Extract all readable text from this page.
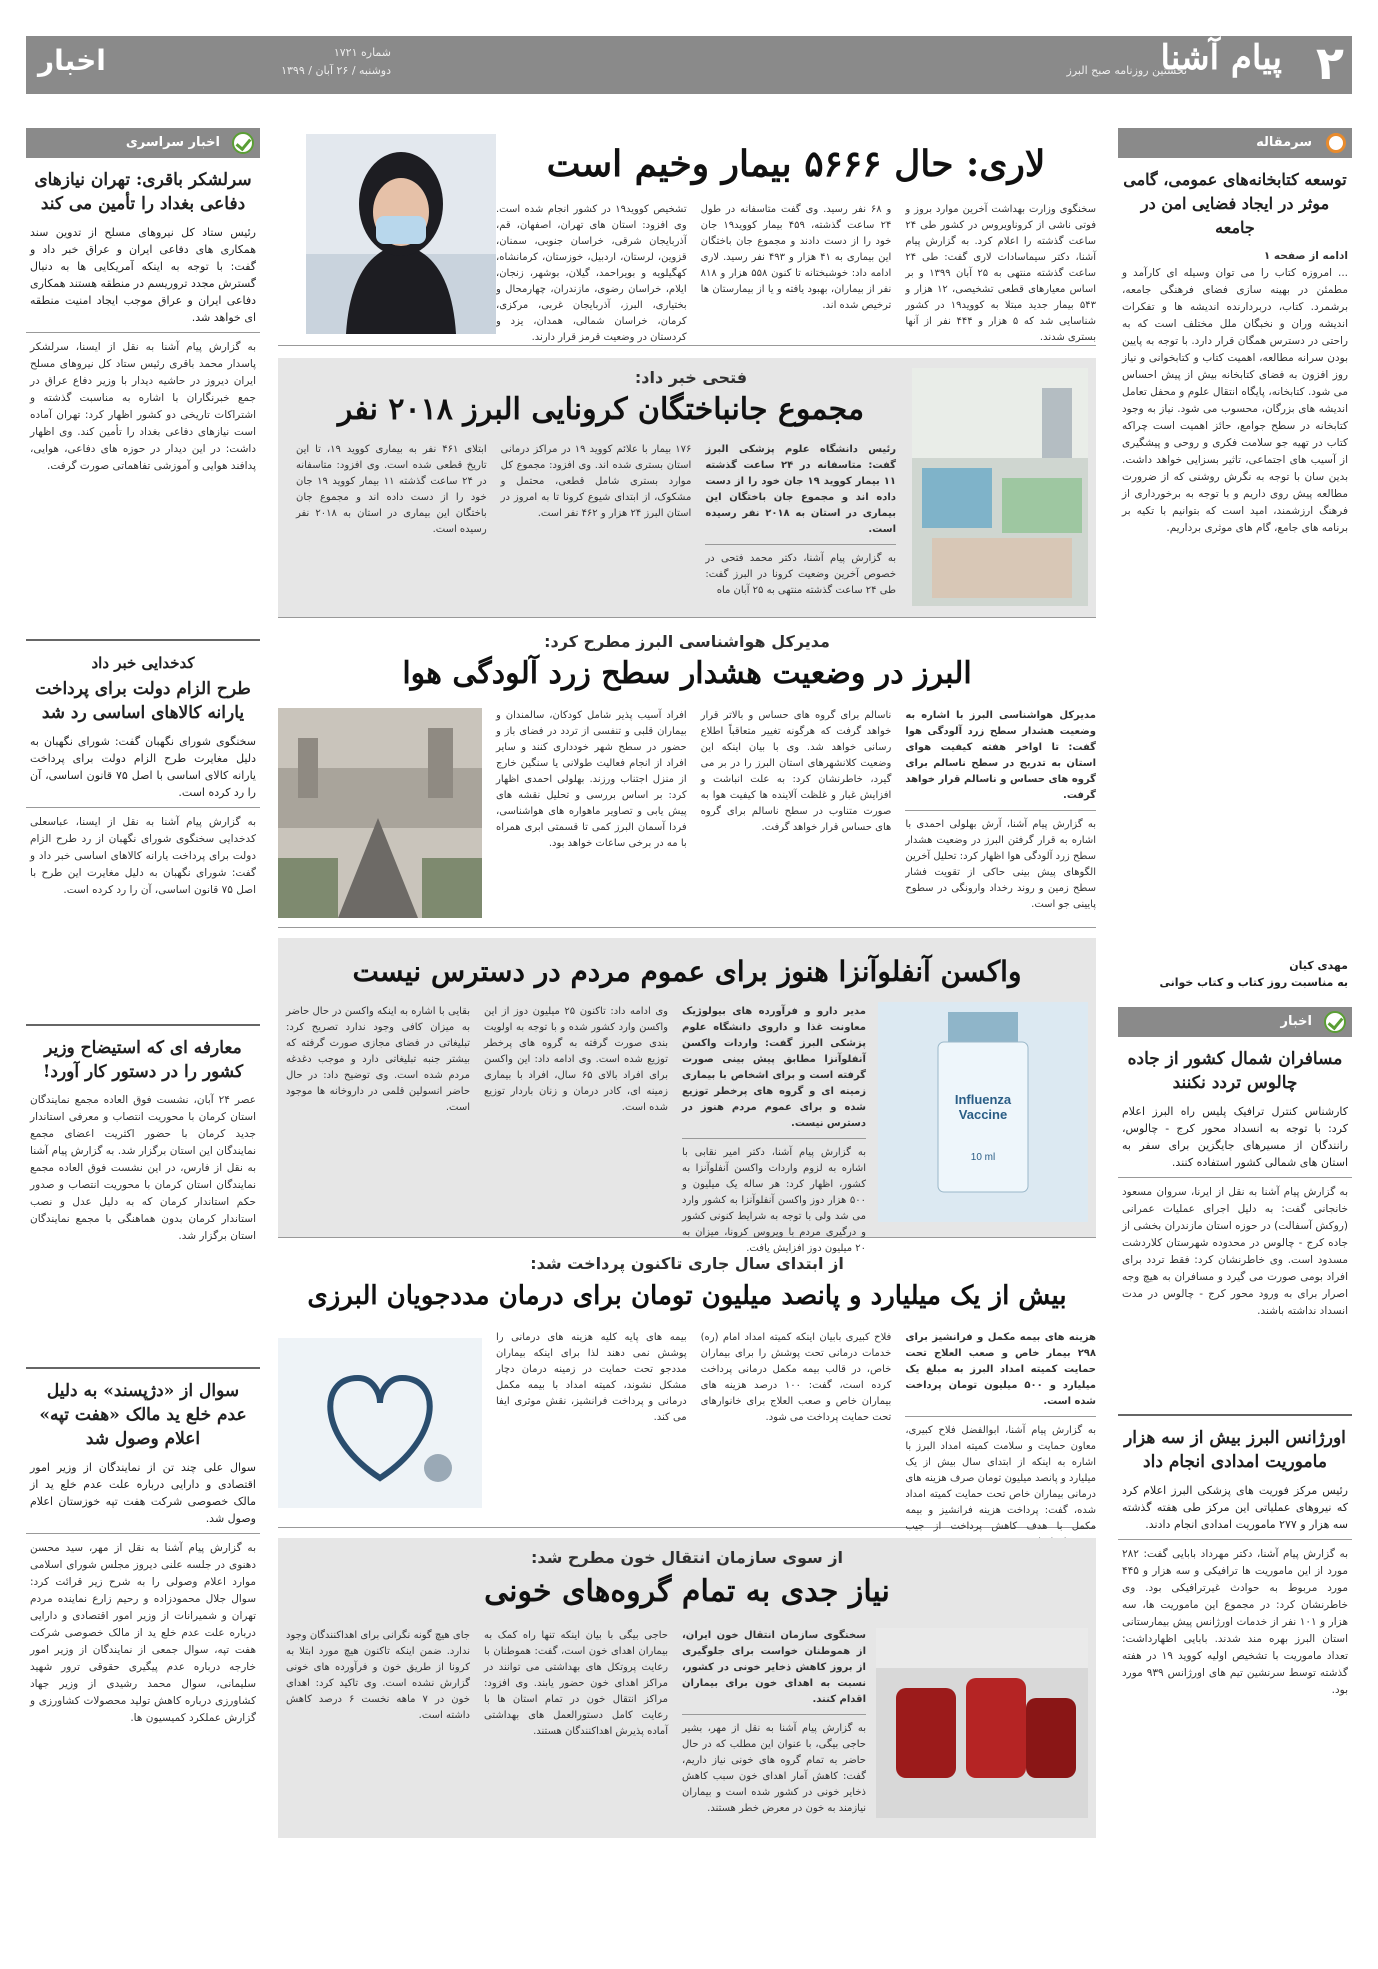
اخبار	شماره ۱۷۲۱
دوشنبه / ۲۶ آبان / ۱۳۹۹	نخستین روزنامه صبح البرز
پیام آشنا ۲
سرمقاله
توسعه کتابخانه‌های عمومی، گامی موثر در ایجاد فضایی امن در جامعه
ادامه از صفحه ۱
... امروزه کتاب را می توان وسیله ای کارآمد و مطمئن در بهینه سازی فضای فرهنگی جامعه، برشمرد. کتاب، دربردارنده اندیشه ها و تفکرات اندیشه وران و نخبگان ملل مختلف است که به راحتی در دسترس همگان قرار دارد. با توجه به پایین بودن سرانه مطالعه، اهمیت کتاب و کتابخوانی و نیاز روز افزون به فضای کتابخانه بیش از پیش احساس می شود. کتابخانه، پایگاه انتقال علوم و محفل تعامل اندیشه های بزرگان، محسوب می شود. نیاز به وجود کتابخانه در سطح جوامع، حائز اهمیت است چراکه کتاب در تهیه جو سلامت فکری و روحی و پیشگیری از آسیب های اجتماعی، تاثیر بسزایی خواهد داشت. بدین سان با توجه به نگرش روشنی که از ضرورت مطالعه پیش روی داریم و با توجه به برخورداری از فرهنگ ارزشمند، امید است که بتوانیم با تکیه بر برنامه های جامع، گام های موثری برداریم.
مهدی کیان
به مناسبت روز کتاب و کتاب خوانی
اخبار
مسافران شمال کشور از جاده چالوس تردد نکنند
کارشناس کنترل ترافیک پلیس راه البرز اعلام کرد: با توجه به انسداد محور کرج - چالوس، رانندگان از مسیرهای جایگزین برای سفر به استان های شمالی کشور استفاده کنند.
به گزارش پیام آشنا به نقل از ایرنا، سروان مسعود خانجانی گفت: به دلیل اجرای عملیات عمرانی (روکش آسفالت) در حوزه استان مازندران بخشی از جاده کرج - چالوس در محدوده شهرستان کلاردشت مسدود است. وی خاطرنشان کرد: فقط تردد برای افراد بومی صورت می گیرد و مسافران به هیچ وجه اصرار برای به ورود محور کرج - چالوس در مدت انسداد نداشته باشند.
اورژانس البرز بیش از سه هزار ماموریت امدادی انجام داد
رئیس مرکز فوریت های پزشکی البرز اعلام کرد که نیروهای عملیاتی این مرکز طی هفته گذشته سه هزار و ۲۷۷ ماموریت امدادی انجام دادند.
به گزارش پیام آشنا، دکتر مهرداد بابایی گفت: ۲۸۲ مورد از این ماموریت ها ترافیکی و سه هزار و ۴۴۵ مورد مربوط به حوادث غیرترافیکی بود. وی خاطرنشان کرد: در مجموع این ماموریت ها، سه هزار و ۱۰۱ نفر از خدمات اورژانس پیش بیمارستانی استان البرز بهره مند شدند. بابایی اظهارداشت: تعداد ماموریت با تشخیص اولیه کووید ۱۹ در هفته گذشته توسط سرنشین تیم های اورژانس ۹۳۹ مورد بود.
اخبار سراسری
سرلشکر باقری: تهران نیازهای دفاعی بغداد را تأمین می کند
رئیس ستاد کل نیروهای مسلح از تدوین سند همکاری های دفاعی ایران و عراق خبر داد و گفت: با توجه به اینکه آمریکایی ها به دنبال گسترش مجدد تروریسم در منطقه هستند همکاری دفاعی ایران و عراق موجب ایجاد امنیت منطقه ای خواهد شد.
به گزارش پیام آشنا به نقل از ایسنا، سرلشکر پاسدار محمد باقری رئیس ستاد کل نیروهای مسلح ایران دیروز در حاشیه دیدار با وزیر دفاع عراق در جمع خبرنگاران با اشاره به مناسبت گذشته و اشتراکات تاریخی دو کشور اظهار کرد: تهران آماده است نیازهای دفاعی بغداد را تأمین کند. وی اظهار داشت: در این دیدار در حوزه های دفاعی، هوایی، پدافند هوایی و آموزشی تفاهماتی صورت گرفت.
کدخدایی خبر داد
طرح الزام دولت برای پرداخت یارانه کالاهای اساسی رد شد
سخنگوی شورای نگهبان گفت: شورای نگهبان به دلیل مغایرت طرح الزام دولت برای پرداخت یارانه کالای اساسی با اصل ۷۵ قانون اساسی، آن را رد کرده است.
به گزارش پیام آشنا به نقل از ایسنا، عباسعلی کدخدایی سخنگوی شورای نگهبان از رد طرح الزام دولت برای پرداخت یارانه کالاهای اساسی خبر داد و گفت: شورای نگهبان به دلیل مغایرت این طرح با اصل ۷۵ قانون اساسی، آن را رد کرده است.
معارفه ای که استیضاح وزیر کشور را در دستور کار آورد!
عصر ۲۴ آبان، نشست فوق العاده مجمع نمایندگان استان کرمان با محوریت انتصاب و معرفی استاندار جدید کرمان با حضور اکثریت اعضای مجمع نمایندگان این استان برگزار شد. به گزارش پیام آشنا به نقل از فارس، در این نشست فوق العاده مجمع نمایندگان استان کرمان با محوریت انتصاب و صدور حکم استاندار کرمان که به دلیل عدل و نصب استاندار کرمان بدون هماهنگی با مجمع نمایندگان استان برگزار شد.
سوال از «دژپسند» به دلیل عدم خلع ید مالک «هفت تپه» اعلام وصول شد
سوال علی چند تن از نمایندگان از وزیر امور اقتصادی و دارایی درباره علت عدم خلع ید از مالک خصوصی شرکت هفت تپه خوزستان اعلام وصول شد.
به گزارش پیام آشنا به نقل از مهر، سید محسن دهنوی در جلسه علنی دیروز مجلس شورای اسلامی موارد اعلام وصولی را به شرح زیر قرائت کرد: سوال جلال محمودزاده و رحیم زارع نماینده مردم تهران و شمیرانات از وزیر امور اقتصادی و دارایی درباره علت عدم خلع ید از مالک خصوصی شرکت هفت تپه، سوال جمعی از نمایندگان از وزیر امور خارجه درباره عدم پیگیری حقوقی ترور شهید سلیمانی، سوال محمد رشیدی از وزیر جهاد کشاورزی درباره کاهش تولید محصولات کشاورزی و گزارش عملکرد کمیسیون ها.
لاری: حال ۵۶۶۶ بیمار وخیم است
سخنگوی وزارت بهداشت آخرین موارد بروز و فوتی ناشی از کروناویروس در کشور طی ۲۴ ساعت گذشته را اعلام کرد. به گزارش پیام آشنا، دکتر سیماسادات لاری گفت: طی ۲۴ ساعت گذشته منتهی به ۲۵ آبان ۱۳۹۹ و بر اساس معیارهای قطعی تشخیصی، ۱۲ هزار و ۵۴۳ بیمار جدید مبتلا به کووید۱۹ در کشور شناسایی شد که ۵ هزار و ۴۴۴ نفر از آنها بستری شدند.
و ۶۸ نفر رسید. وی گفت متاسفانه در طول ۲۴ ساعت گذشته، ۴۵۹ بیمار کووید۱۹ جان خود را از دست دادند و مجموع جان باختگان این بیماری به ۴۱ هزار و ۴۹۳ نفر رسید. لاری ادامه داد: خوشبختانه تا کنون ۵۵۸ هزار و ۸۱۸ نفر از بیماران، بهبود یافته و یا از بیمارستان ها ترخیص شده اند.
تشخیص کووید۱۹ در کشور انجام شده است. وی افزود: استان های تهران، اصفهان، قم، آذربایجان شرقی، خراسان جنوبی، سمنان، قزوین، لرستان، اردبیل، خوزستان، کرمانشاه، کهگیلویه و بویراحمد، گیلان، بوشهر، زنجان، ایلام، خراسان رضوی، مازندران، چهارمحال و بختیاری، البرز، آذربایجان غربی، مرکزی، کرمان، خراسان شمالی، همدان، یزد و کردستان در وضعیت قرمز قرار دارند.
فتحی خبر داد:
مجموع جانباختگان کرونایی البرز ۲۰۱۸ نفر
رئیس دانشگاه علوم پزشکی البرز گفت: متاسفانه در ۲۴ ساعت گذشته ۱۱ بیمار کووید ۱۹ جان خود را از دست داده اند و مجموع جان باختگان این بیماری در استان به ۲۰۱۸ نفر رسیده است.
به گزارش پیام آشنا، دکتر محمد فتحی در خصوص آخرین وضعیت کرونا در البرز گفت: طی ۲۴ ساعت گذشته منتهی به ۲۵ آبان ماه
۱۷۶ بیمار با علائم کووید ۱۹ در مراکز درمانی استان بستری شده اند. وی افزود: مجموع کل موارد بستری شامل قطعی، محتمل و مشکوک، از ابتدای شیوع کرونا تا به امروز در استان البرز ۲۴ هزار و ۴۶۲ نفر است.
ابتلای ۴۶۱ نفر به بیماری کووید ۱۹، تا این تاریخ قطعی شده است. وی افزود: متاسفانه در ۲۴ ساعت گذشته ۱۱ بیمار کووید ۱۹ جان خود را از دست داده اند و مجموع جان باختگان این بیماری در استان به ۲۰۱۸ نفر رسیده است.
مدیرکل هواشناسی البرز مطرح کرد:
البرز در وضعیت هشدار سطح زرد آلودگی هوا
مدیرکل هواشناسی البرز با اشاره به وضعیت هشدار سطح زرد آلودگی هوا گفت: تا اواخر هفته کیفیت هوای استان به تدریج در سطح ناسالم برای گروه های حساس و ناسالم قرار خواهد گرفت.
به گزارش پیام آشنا، آرش بهلولی احمدی با اشاره به قرار گرفتن البرز در وضعیت هشدار سطح زرد آلودگی هوا اظهار کرد: تحلیل آخرین الگوهای پیش بینی حاکی از تقویت فشار سطح زمین و روند رخداد وارونگی در سطوح پایینی جو است.
ناسالم برای گروه های حساس و بالاتر قرار خواهد گرفت که هرگونه تغییر متعاقباً اطلاع رسانی خواهد شد. وی با بیان اینکه این وضعیت کلانشهرهای استان البرز را در بر می گیرد، خاطرنشان کرد: به علت انباشت و افزایش غبار و غلظت آلاینده ها کیفیت هوا به صورت متناوب در سطح ناسالم برای گروه های حساس قرار خواهد گرفت.
افراد آسیب پذیر شامل کودکان، سالمندان و بیماران قلبی و تنفسی از تردد در فضای باز و حضور در سطح شهر خودداری کنند و سایر افراد از انجام فعالیت طولانی یا سنگین خارج از منزل اجتناب ورزند. بهلولی احمدی اظهار کرد: بر اساس بررسی و تحلیل نقشه های پیش یابی و تصاویر ماهواره های هواشناسی، فردا آسمان البرز کمی تا قسمتی ابری همراه با مه در برخی ساعات خواهد بود.
واکسن آنفلوآنزا هنوز برای عموم مردم در دسترس نیست
مدیر دارو و فرآورده های بیولوژیک معاونت غذا و داروی دانشگاه علوم پزشکی البرز گفت: واردات واکسن آنفلوآنزا مطابق پیش بینی صورت گرفته است و برای اشخاص با بیماری زمینه ای و گروه های پرخطر توزیع شده و برای عموم مردم هنوز در دسترس نیست.
به گزارش پیام آشنا، دکتر امیر نقابی با اشاره به لزوم واردات واکسن آنفلوآنزا به کشور، اظهار کرد: هر ساله یک میلیون و ۵۰۰ هزار دوز واکسن آنفلوآنزا به کشور وارد می شد ولی با توجه به شرایط کنونی کشور و درگیری مردم با ویروس کرونا، میزان به ۲۰ میلیون دوز افزایش یافت.
وی ادامه داد: تاکنون ۲۵ میلیون دوز از این واکسن وارد کشور شده و با توجه به اولویت بندی صورت گرفته به گروه های پرخطر توزیع شده است. وی ادامه داد: این واکسن برای افراد بالای ۶۵ سال، افراد با بیماری زمینه ای، کادر درمان و زنان باردار توزیع شده است.
بقایی با اشاره به اینکه واکسن در حال حاضر به میزان کافی وجود ندارد تصریح کرد: تبلیغاتی در فضای مجازی صورت گرفته که بیشتر جنبه تبلیغاتی دارد و موجب دغدغه مردم شده است. وی توضیح داد: در حال حاضر انسولین قلمی در داروخانه ها موجود است.
Influenza Vaccine
10 ml
از ابتدای سال جاری تاکنون پرداخت شد:
بیش از یک میلیارد و پانصد میلیون تومان برای درمان مددجویان البرزی
هزینه های بیمه مکمل و فرانشیز برای ۲۹۸ بیمار خاص و صعب العلاج تحت حمایت کمیته امداد البرز به مبلغ یک میلیارد و ۵۰۰ میلیون تومان پرداخت شده است.
به گزارش پیام آشنا، ابوالفضل فلاح کبیری، معاون حمایت و سلامت کمیته امداد البرز با اشاره به اینکه از ابتدای سال بیش از یک میلیارد و پانصد میلیون تومان صرف هزینه های درمانی بیماران خاص تحت حمایت کمیته امداد شده، گفت: پرداخت هزینه فرانشیز و بیمه مکمل با هدف کاهش پرداخت از جیب
فلاح کبیری بابیان اینکه کمیته امداد امام (ره) خدمات درمانی تحت پوشش را برای بیماران خاص، در قالب بیمه مکمل درمانی پرداخت کرده است، گفت: ۱۰۰ درصد هزینه های بیماران خاص و صعب العلاج برای خانوارهای تحت حمایت پرداخت می شود.
بیمه های پایه کلیه هزینه های درمانی را پوشش نمی دهند لذا برای اینکه بیماران مددجو تحت حمایت در زمینه درمان دچار مشکل نشوند، کمیته امداد با بیمه مکمل درمانی و پرداخت فرانشیز، نقش موثری ایفا می کند.
از سوی سازمان انتقال خون مطرح شد:
نیاز جدی به تمام گروه‌های خونی
سخنگوی سازمان انتقال خون ایران، از هموطنان خواست برای جلوگیری از بروز کاهش ذخایر خونی در کشور، نسبت به اهدای خون برای بیماران اقدام کنند.
به گزارش پیام آشنا به نقل از مهر، بشیر حاجی بیگی، با عنوان این مطلب که در حال حاضر به تمام گروه های خونی نیاز داریم، گفت: کاهش آمار اهدای خون سبب کاهش ذخایر خونی در کشور شده است و بیماران نیازمند به خون در معرض خطر هستند.
حاجی بیگی با بیان اینکه تنها راه کمک به بیماران اهدای خون است، گفت: هموطنان با رعایت پروتکل های بهداشتی می توانند در مراکز اهدای خون حضور یابند. وی افزود: مراکز انتقال خون در تمام استان ها با رعایت کامل دستورالعمل های بهداشتی آماده پذیرش اهداکنندگان هستند.
جای هیچ گونه نگرانی برای اهداکنندگان وجود ندارد. ضمن اینکه تاکنون هیچ مورد ابتلا به کرونا از طریق خون و فرآورده های خونی گزارش نشده است. وی تاکید کرد: اهدای خون در ۷ ماهه نخست ۶ درصد کاهش داشته است.
